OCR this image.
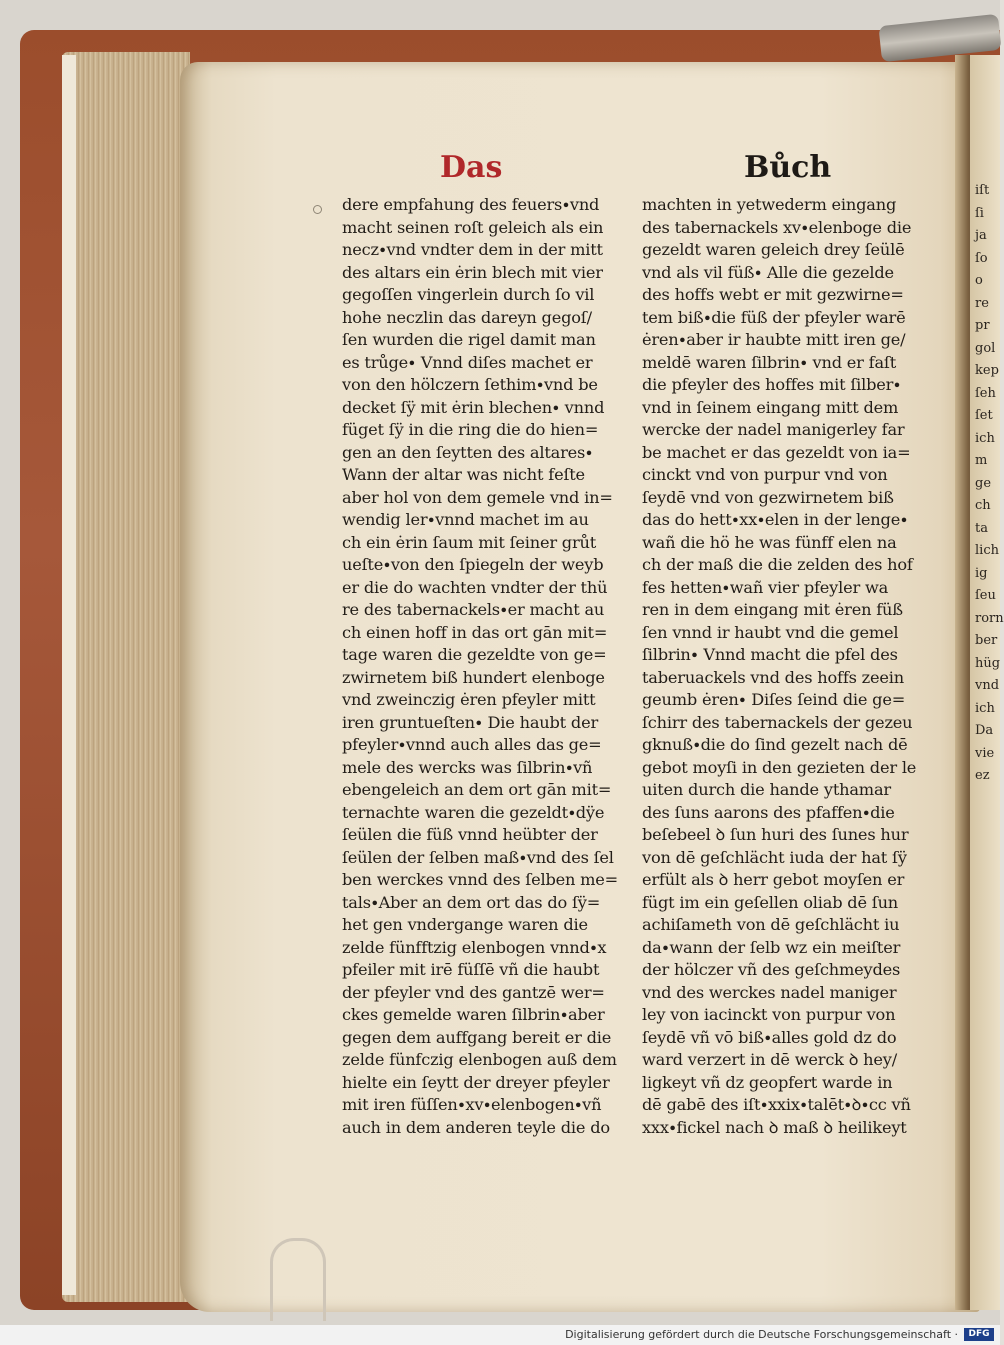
Das	Bůch
dere empfahung des feuers∙vnd
macht seinen roſt geleich als ein
necz∙vnd vndter dem in der mitt
des altars ein ėrin blech mit vier
gegoſſen vingerlein durch ſo vil
hohe neczlin das dareyn gegoſ/
ſen wurden die rigel damit man
es trůge∙ Vnnd diſes machet er
von den hölczern ſethim∙vnd be
decket ſÿ mit ėrin blechen∙ vnnd
füget ſÿ in die ring die do hien=
gen an den ſeytten des altares∙
Wann der altar was nicht feſte
aber hol von dem gemele vnd in=
wendig ler∙vnnd machet im au
ch ein ėrin ſaum mit ſeiner grůt
ueſte∙von den ſpiegeln der weyb
er die do wachten vndter der thü
re des tabernackels∙er macht au
ch einen hoff in das ort gān mit=
tage waren die gezeldte von ge=
zwirnetem biß hundert elenboge
vnd zweinczig ėren pfeyler mitt
iren gruntueſten∙ Die haubt der
pfeyler∙vnnd auch alles das ge=
mele des wercks was ſilbrin∙vñ
ebengeleich an dem ort gān mit=
ternachte waren die gezeldt∙dÿe
ſeülen die füß vnnd heübter der
ſeülen der ſelben maß∙vnd des ſel
ben werckes vnnd des ſelben me=
tals∙Aber an dem ort das do ſÿ=
het gen vndergange waren die
zelde fünfftzig elenbogen vnnd∙x
pfeiler mit irē füſſē vñ die haubt
der pfeyler vnd des gantzē wer=
ckes gemelde waren ſilbrin∙aber
gegen dem auffgang bereit er die
zelde fünfczig elenbogen auß dem
hielte ein ſeytt der dreyer pfeyler
mit iren füſſen∙xv∙elenbogen∙vñ
auch in dem anderen teyle die do
machten in yetwederm eingang
des tabernackels xv∙elenboge die
gezeldt waren geleich drey ſeülē
vnd als vil füß∙ Alle die gezelde
des hoffs webt er mit gezwirne=
tem biß∙die füß der pfeyler warē
ėren∙aber ir haubte mitt iren ge/
meldē waren ſilbrin∙ vnd er faſt
die pfeyler des hoffes mit ſilber∙
vnd in ſeinem eingang mitt dem
wercke der nadel manigerley far
be machet er das gezeldt von ia=
cinckt vnd von purpur vnd von
ſeydē vnd von gezwirnetem biß
das do hett∙xx∙elen in der lenge∙
wañ die hö he was fünff elen na
ch der maß die die zelden des hof
fes hetten∙wañ vier pfeyler wa
ren in dem eingang mit ėren füß
ſen vnnd ir haubt vnd die gemel
ſilbrin∙ Vnnd macht die pfel des
taberuackels vnd des hoffs zeein
geumb ėren∙ Diſes ſeind die ge=
ſchirr des tabernackels der gezeu
gknuß∙die do ſind gezelt nach dē
gebot moyſi in den gezieten der le
uiten durch die hande ythamar
des ſuns aarons des pfaffen∙die
beſebeel ꝺ ſun huri des ſunes hur
von dē geſchlächt iuda der hat ſÿ
erfült als ꝺ herr gebot moyſen er
fügt im ein geſellen oliab dē ſun
achiſameth von dē geſchlächt iu
da∙wann der ſelb wz ein meiſter
der hölczer vñ des geſchmeydes
vnd des werckes nadel maniger
ley von iacinckt von purpur von
ſeydē vñ vō biß∙alles gold dz do
ward verzert in dē werck ꝺ hey/
ligkeyt vñ dz geopfert warde in
dē gabē des iſt∙xxix∙talēt∙ꝺ∙cc vñ
xxx∙fickel nach ꝺ maß ꝺ heilikeyt
iſt
ſi
ja
ſo
o
re
pr
gol
kep
ſeh
ſet
ich
m
ge
ch
ta
lich
ig
ſeu
rorn
ber
hüg
vnd
ich
Da
vie
ez
Digitalisierung gefördert durch die Deutsche Forschungsgemeinschaft ·	DFG
